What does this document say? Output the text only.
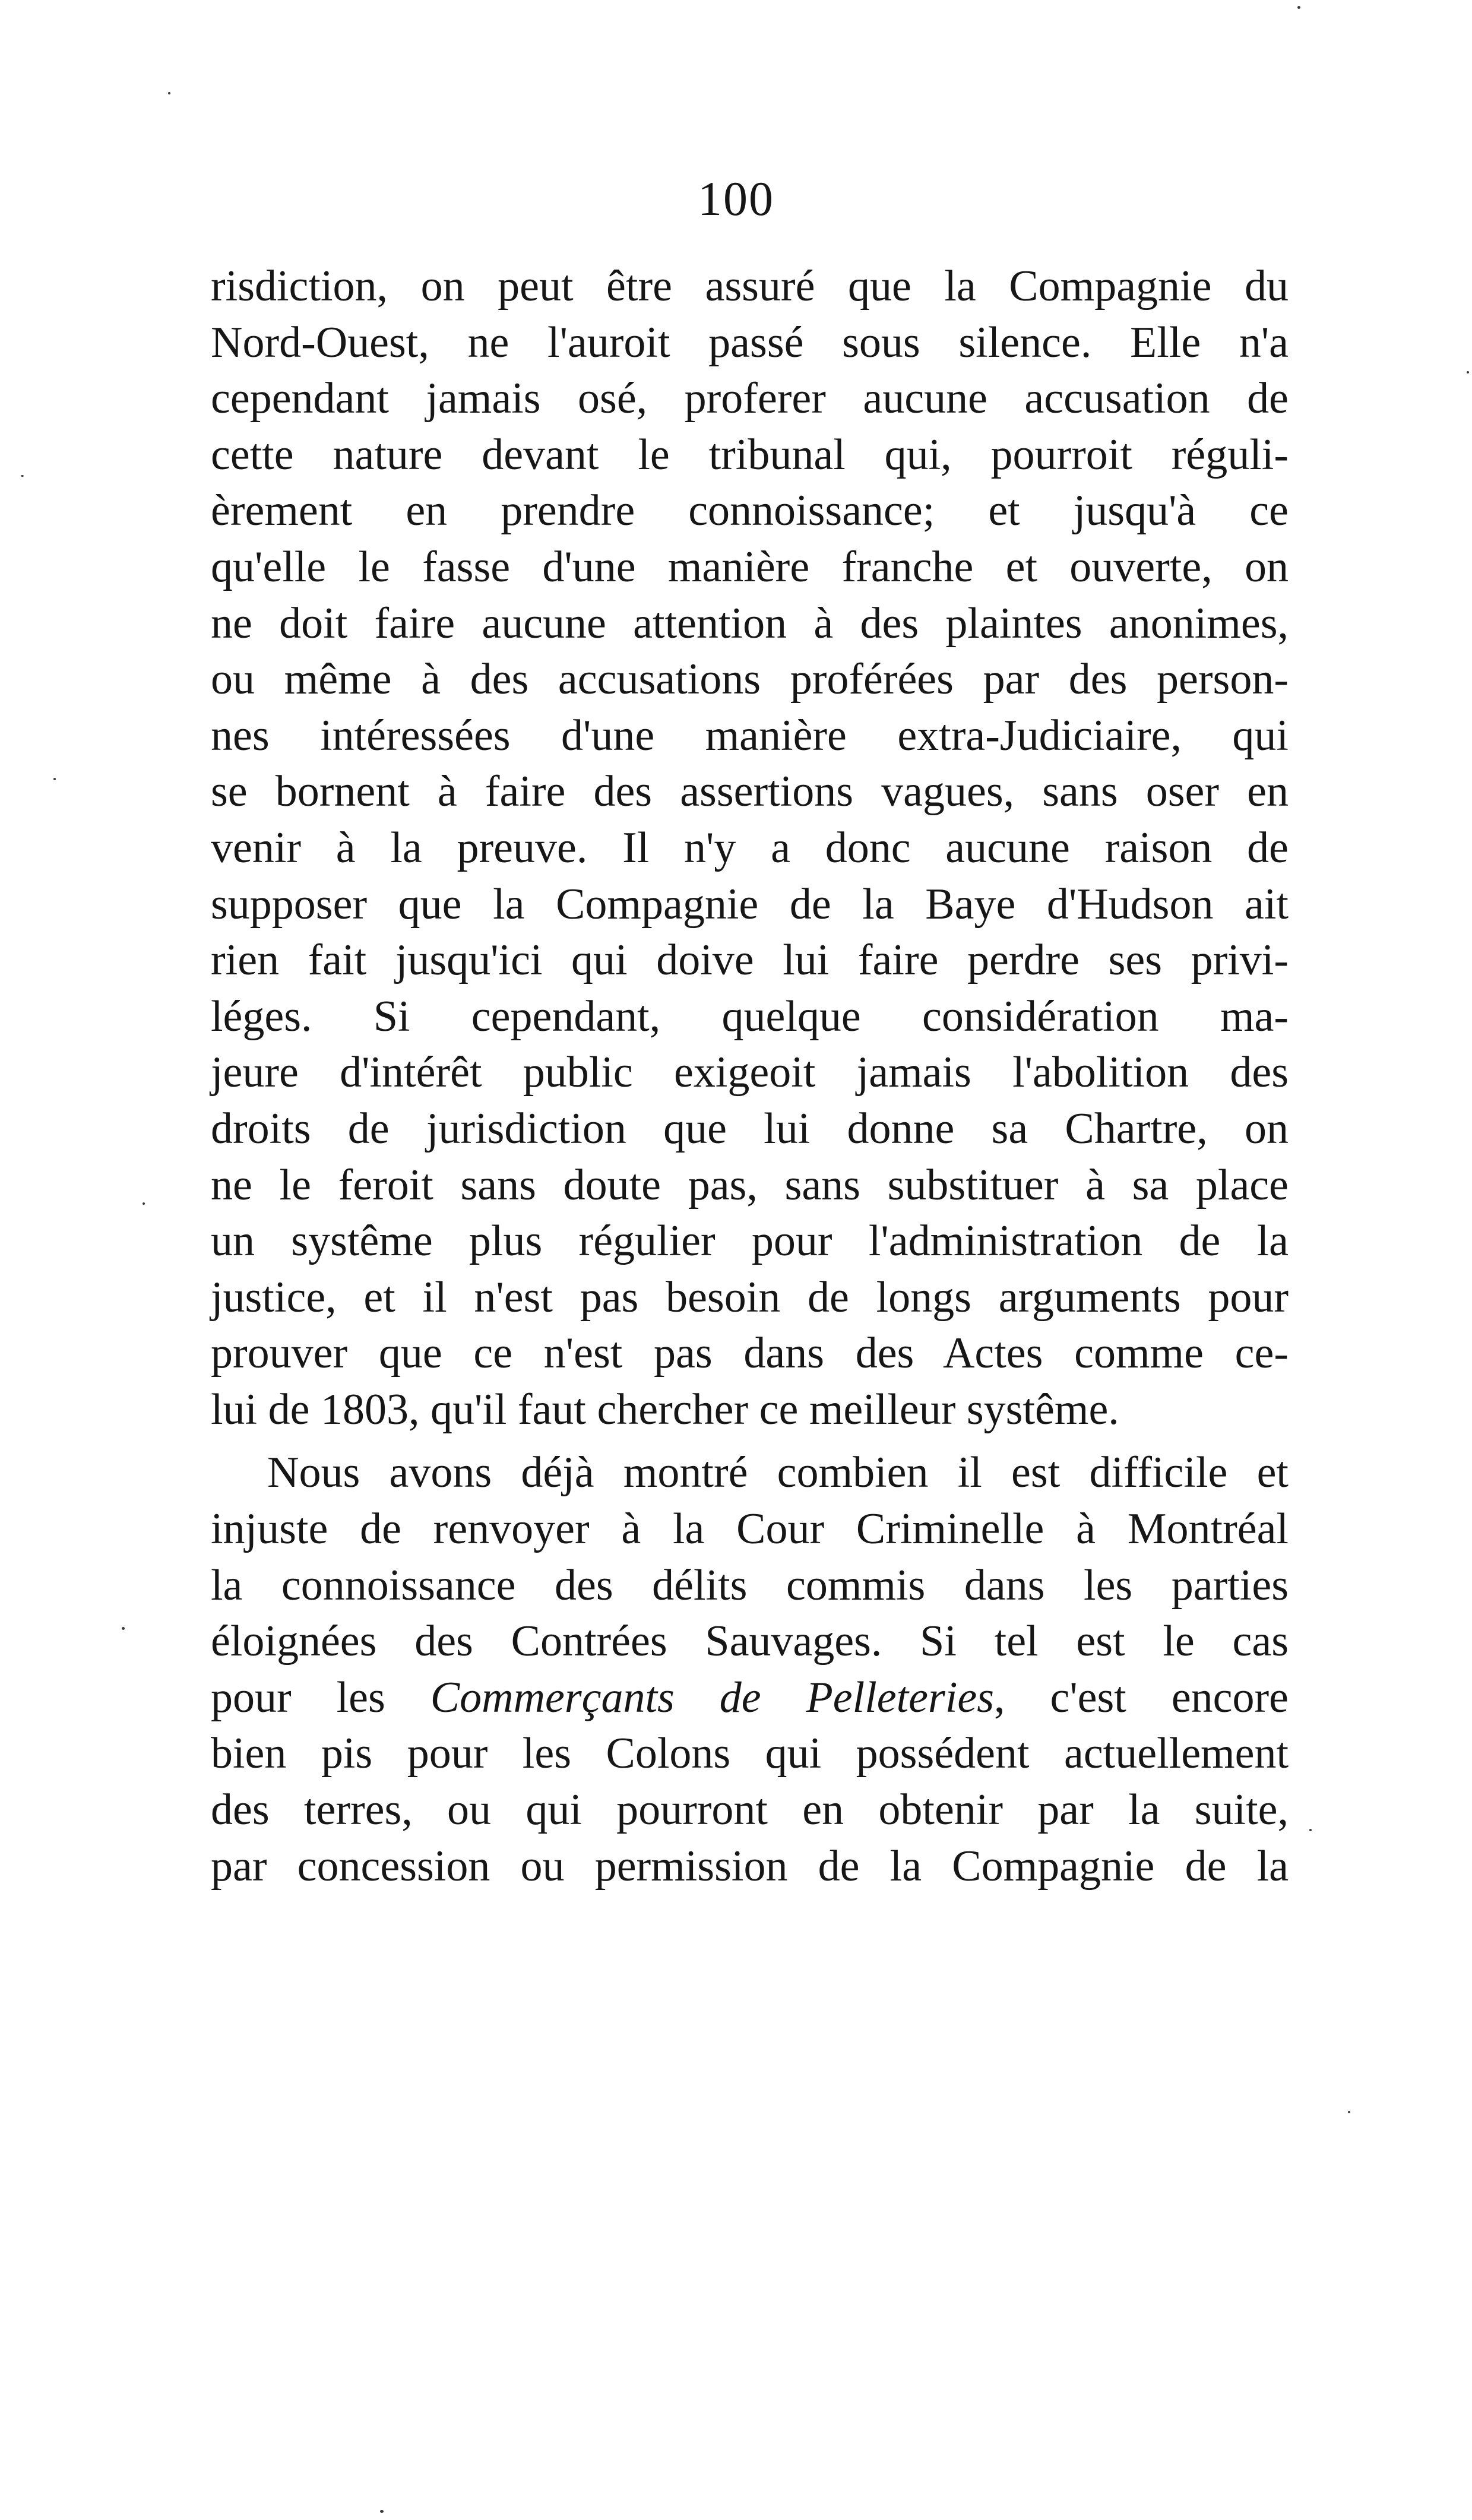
100
risdiction, on peut être assuré que la Compagnie du
Nord-Ouest, ne l'auroit passé sous silence. Elle n'a
cependant jamais osé, proferer aucune accusation de
cette nature devant le tribunal qui, pourroit réguli-
èrement en prendre connoissance; et jusqu'à ce
qu'elle le fasse d'une manière franche et ouverte, on
ne doit faire aucune attention à des plaintes anonimes,
ou même à des accusations proférées par des person-
nes intéressées d'une manière extra-Judiciaire, qui
se bornent à faire des assertions vagues, sans oser en
venir à la preuve. Il n'y a donc aucune raison de
supposer que la Compagnie de la Baye d'Hudson ait
rien fait jusqu'ici qui doive lui faire perdre ses privi-
léges. Si cependant, quelque considération ma-
jeure d'intérêt public exigeoit jamais l'abolition des
droits de jurisdiction que lui donne sa Chartre, on
ne le feroit sans doute pas, sans substituer à sa place
un systême plus régulier pour l'administration de la
justice, et il n'est pas besoin de longs arguments pour
prouver que ce n'est pas dans des Actes comme ce-
lui de 1803, qu'il faut chercher ce meilleur systême.
Nous avons déjà montré combien il est difficile et
injuste de renvoyer à la Cour Criminelle à Montréal
la connoissance des délits commis dans les parties
éloignées des Contrées Sauvages. Si tel est le cas
pour les Commerçants de Pelleteries, c'est encore
bien pis pour les Colons qui possédent actuellement
des terres, ou qui pourront en obtenir par la suite,
par concession ou permission de la Compagnie de la
